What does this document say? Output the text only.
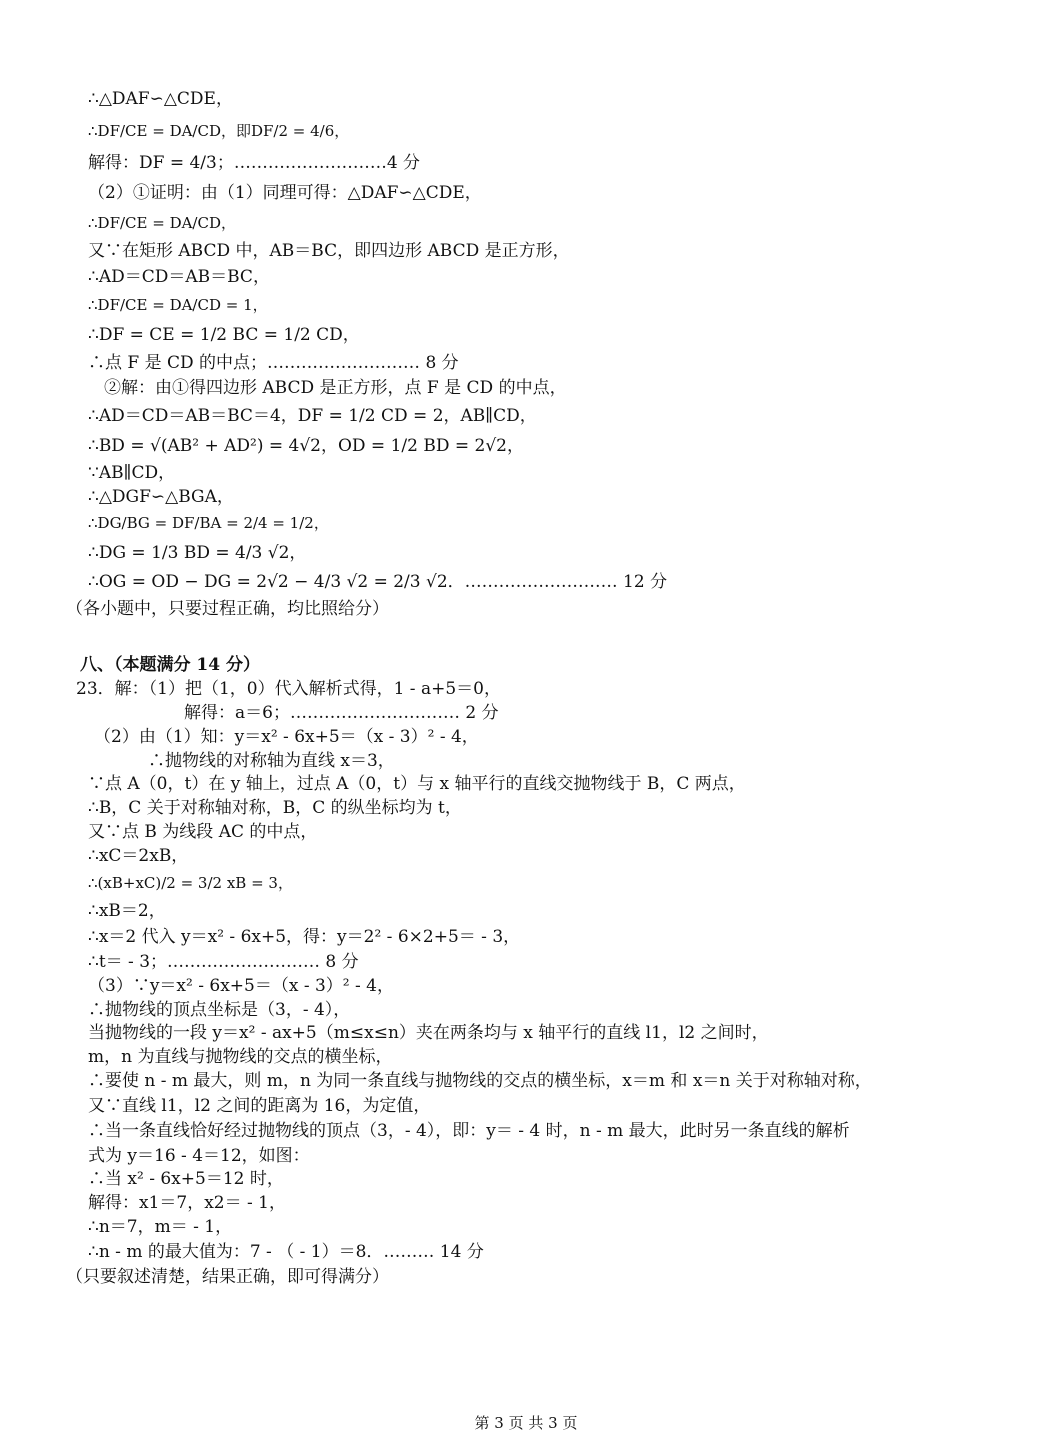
∴△DAF∽△CDE，
∴DF/CE = DA/CD，即DF/2 = 4/6，
解得：DF = 4/3；………………………4 分
（2）①证明：由（1）同理可得：△DAF∽△CDE，
∴DF/CE = DA/CD，
又∵在矩形 ABCD 中，AB＝BC，即四边形 ABCD 是正方形，
∴AD＝CD＝AB＝BC，
∴DF/CE = DA/CD = 1，
∴DF = CE = 1/2 BC = 1/2 CD，
∴点 F 是 CD 的中点；……………………… 8 分
②解：由①得四边形 ABCD 是正方形，点 F 是 CD 的中点，
∴AD＝CD＝AB＝BC＝4，DF = 1/2 CD = 2，AB∥CD，
∴BD = √(AB² + AD²) = 4√2，OD = 1/2 BD = 2√2，
∵AB∥CD，
∴△DGF∽△BGA，
∴DG/BG = DF/BA = 2/4 = 1/2，
∴DG = 1/3 BD = 4/3 √2，
∴OG = OD − DG = 2√2 − 4/3 √2 = 2/3 √2．……………………… 12 分
（各小题中，只要过程正确，均比照给分）
八、（本题满分 14 分）
23．解：（1）把（1，0）代入解析式得，1 - a+5＝0，
解得：a＝6；………………………… 2 分
（2）由（1）知：y＝x² - 6x+5＝（x - 3）² - 4，
∴抛物线的对称轴为直线 x＝3，
∵点 A（0，t）在 y 轴上，过点 A（0，t）与 x 轴平行的直线交抛物线于 B，C 两点，
∴B，C 关于对称轴对称，B，C 的纵坐标均为 t，
又∵点 B 为线段 AC 的中点，
∴xC＝2xB，
∴(xB+xC)/2 = 3/2 xB = 3，
∴xB＝2，
∴x＝2 代入 y＝x² - 6x+5，得：y＝2² - 6×2+5＝ - 3，
∴t＝ - 3；……………………… 8 分
（3）∵y＝x² - 6x+5＝（x - 3）² - 4，
∴抛物线的顶点坐标是（3，- 4），
当抛物线的一段 y＝x² - ax+5（m≤x≤n）夹在两条均与 x 轴平行的直线 l1，l2 之间时，
m，n 为直线与抛物线的交点的横坐标，
∴要使 n - m 最大，则 m，n 为同一条直线与抛物线的交点的横坐标，x＝m 和 x＝n 关于对称轴对称，
又∵直线 l1，l2 之间的距离为 16，为定值，
∴当一条直线恰好经过抛物线的顶点（3，- 4），即：y＝ - 4 时，n - m 最大，此时另一条直线的解析
式为 y＝16 - 4＝12，如图：
∴当 x² - 6x+5＝12 时，
解得：x1＝7，x2＝ - 1，
∴n＝7，m＝ - 1，
∴n - m 的最大值为：7 - （ - 1）＝8．……… 14 分
（只要叙述清楚，结果正确，即可得满分）
第 3 页 共 3 页
